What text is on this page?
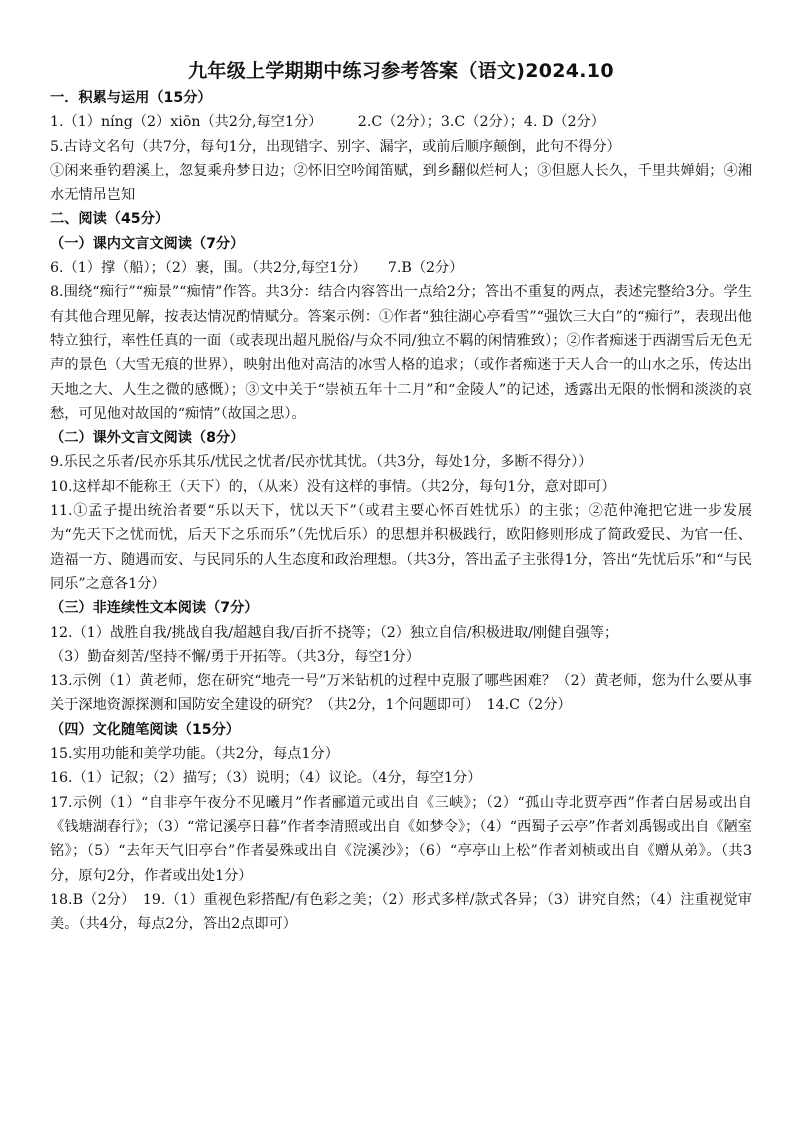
九年级上学期期中练习参考答案（语文)2024.10

一．积累与运用（15分）

1.（1）níng（2）xiōn（共2分,每空1分）　　　2.C（2分）；3.C（2分）；4. D（2分）

5.古诗文名句（共7分，每句1分，出现错字、别字、漏字，或前后顺序颠倒，此句不得分）

①闲来垂钓碧溪上，忽复乘舟梦日边；②怀旧空吟闻笛赋，到乡翻似烂柯人；③但愿人长久，千里共婵娟；④湘水无情吊岂知

二、阅读（45分）

（一）课内文言文阅读（7分）

6.（1）撑（船）；（2）裹，围。（共2分,每空1分）　　7.B（2分）

8.围绕“痴行”“痴景”“痴情”作答。共3分：结合内容答出一点给2分；答出不重复的两点，表述完整给3分。学生有其他合理见解，按表达情况酌情赋分。答案示例：①作者“独往湖心亭看雪”“强饮三大白”的“痴行”，表现出他特立独行，率性任真的一面（或表现出超凡脱俗/与众不同/独立不羁的闲情雅致）；②作者痴迷于西湖雪后无色无声的景色（大雪无痕的世界），映射出他对高洁的冰雪人格的追求；（或作者痴迷于天人合一的山水之乐，传达出天地之大、人生之微的感慨）；③文中关于“崇祯五年十二月”和“金陵人”的记述，透露出无限的怅惘和淡淡的哀愁，可见他对故国的“痴情”（故国之思）。

（二）课外文言文阅读（8分）

9.乐民之乐者/民亦乐其乐/忧民之忧者/民亦忧其忧。（共3分，每处1分，多断不得分））

10.这样却不能称王（天下）的，（从来）没有这样的事情。（共2分，每句1分，意对即可）

11.①孟子提出统治者要“乐以天下，忧以天下”（或君主要心怀百姓忧乐）的主张；②范仲淹把它进一步发展为“先天下之忧而忧，后天下之乐而乐”（先忧后乐）的思想并积极践行，欧阳修则形成了简政爱民、为官一任、造福一方、随遇而安、与民同乐的人生态度和政治理想。（共3分，答出孟子主张得1分，答出“先忧后乐”和“与民同乐”之意各1分）

（三）非连续性文本阅读（7分）

12.（1）战胜自我/挑战自我/超越自我/百折不挠等；（2）独立自信/积极进取/刚健自强等；

（3）勤奋刻苦/坚持不懈/勇于开拓等。（共3分，每空1分）

13.示例（1）黄老师，您在研究“地壳一号”万米钻机的过程中克服了哪些困难？（2）黄老师，您为什么要从事关于深地资源探测和国防安全建设的研究？（共2分，1个问题即可）　14.C（2分）

（四）文化随笔阅读（15分）

15.实用功能和美学功能。（共2分，每点1分）

16.（1）记叙；（2）描写；（3）说明；（4）议论。（4分，每空1分）

17.示例（1）“自非亭午夜分不见曦月”作者郦道元或出自《三峡》；（2）“孤山寺北贾亭西”作者白居易或出自《钱塘湖春行》；（3）“常记溪亭日暮”作者李清照或出自《如梦令》；（4）“西蜀子云亭”作者刘禹锡或出自《陋室铭》；（5）“去年天气旧亭台”作者晏殊或出自《浣溪沙》；（6）“亭亭山上松”作者刘桢或出自《赠从弟》。（共3分，原句2分，作者或出处1分）

18.B（2分）　19.（1）重视色彩搭配/有色彩之美；（2）形式多样/款式各异；（3）讲究自然；（4）注重视觉审美。（共4分，每点2分，答出2点即可）
